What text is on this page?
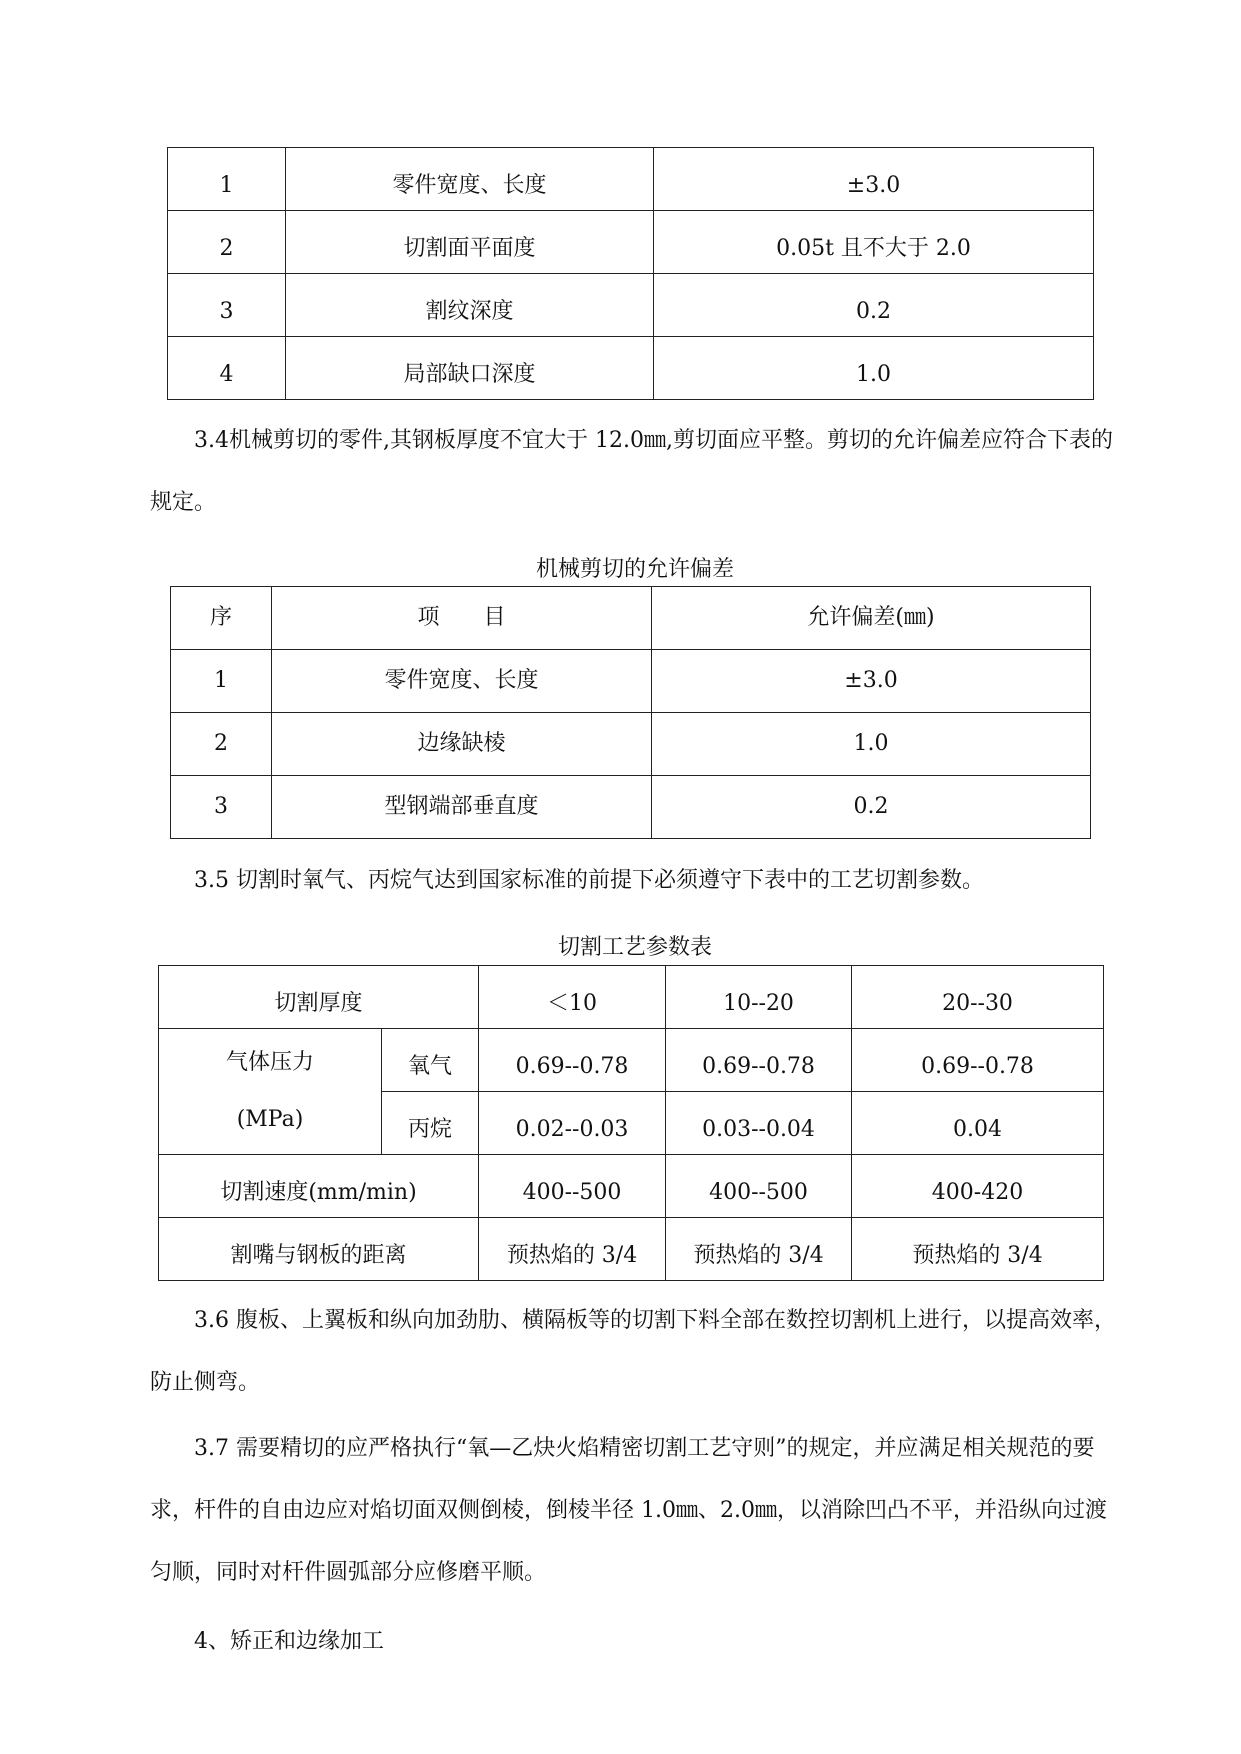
1	零件宽度、长度	±3.0
2	切割面平面度	0.05t 且不大于 2.0
3	割纹深度	0.2
4	局部缺口深度	1.0

3.4机械剪切的零件,其钢板厚度不宜大于 12.0㎜,剪切面应平整。剪切的允许偏差应符合下表的规定。

机械剪切的允许偏差

序	项　　目	允许偏差(㎜)
1	零件宽度、长度	±3.0
2	边缘缺棱	1.0
3	型钢端部垂直度	0.2

3.5 切割时氧气、丙烷气达到国家标准的前提下必须遵守下表中的工艺切割参数。

切割工艺参数表

切割厚度		＜10	10--20	20--30

气体压力
(MPa)	氧气	0.69--0.78	0.69--0.78	0.69--0.78
	丙烷	0.02--0.03	0.03--0.04	0.04
切割速度(mm/min)		400--500	400--500	400-420
割嘴与钢板的距离		预热焰的 3/4	预热焰的 3/4	预热焰的 3/4

3.6 腹板、上翼板和纵向加劲肋、横隔板等的切割下料全部在数控切割机上进行，以提高效率，防止侧弯。

3.7 需要精切的应严格执行“氧—乙炔火焰精密切割工艺守则”的规定，并应满足相关规范的要求，杆件的自由边应对焰切面双侧倒棱，倒棱半径 1.0㎜、2.0㎜，以消除凹凸不平，并沿纵向过渡匀顺，同时对杆件圆弧部分应修磨平顺。

4、矫正和边缘加工
